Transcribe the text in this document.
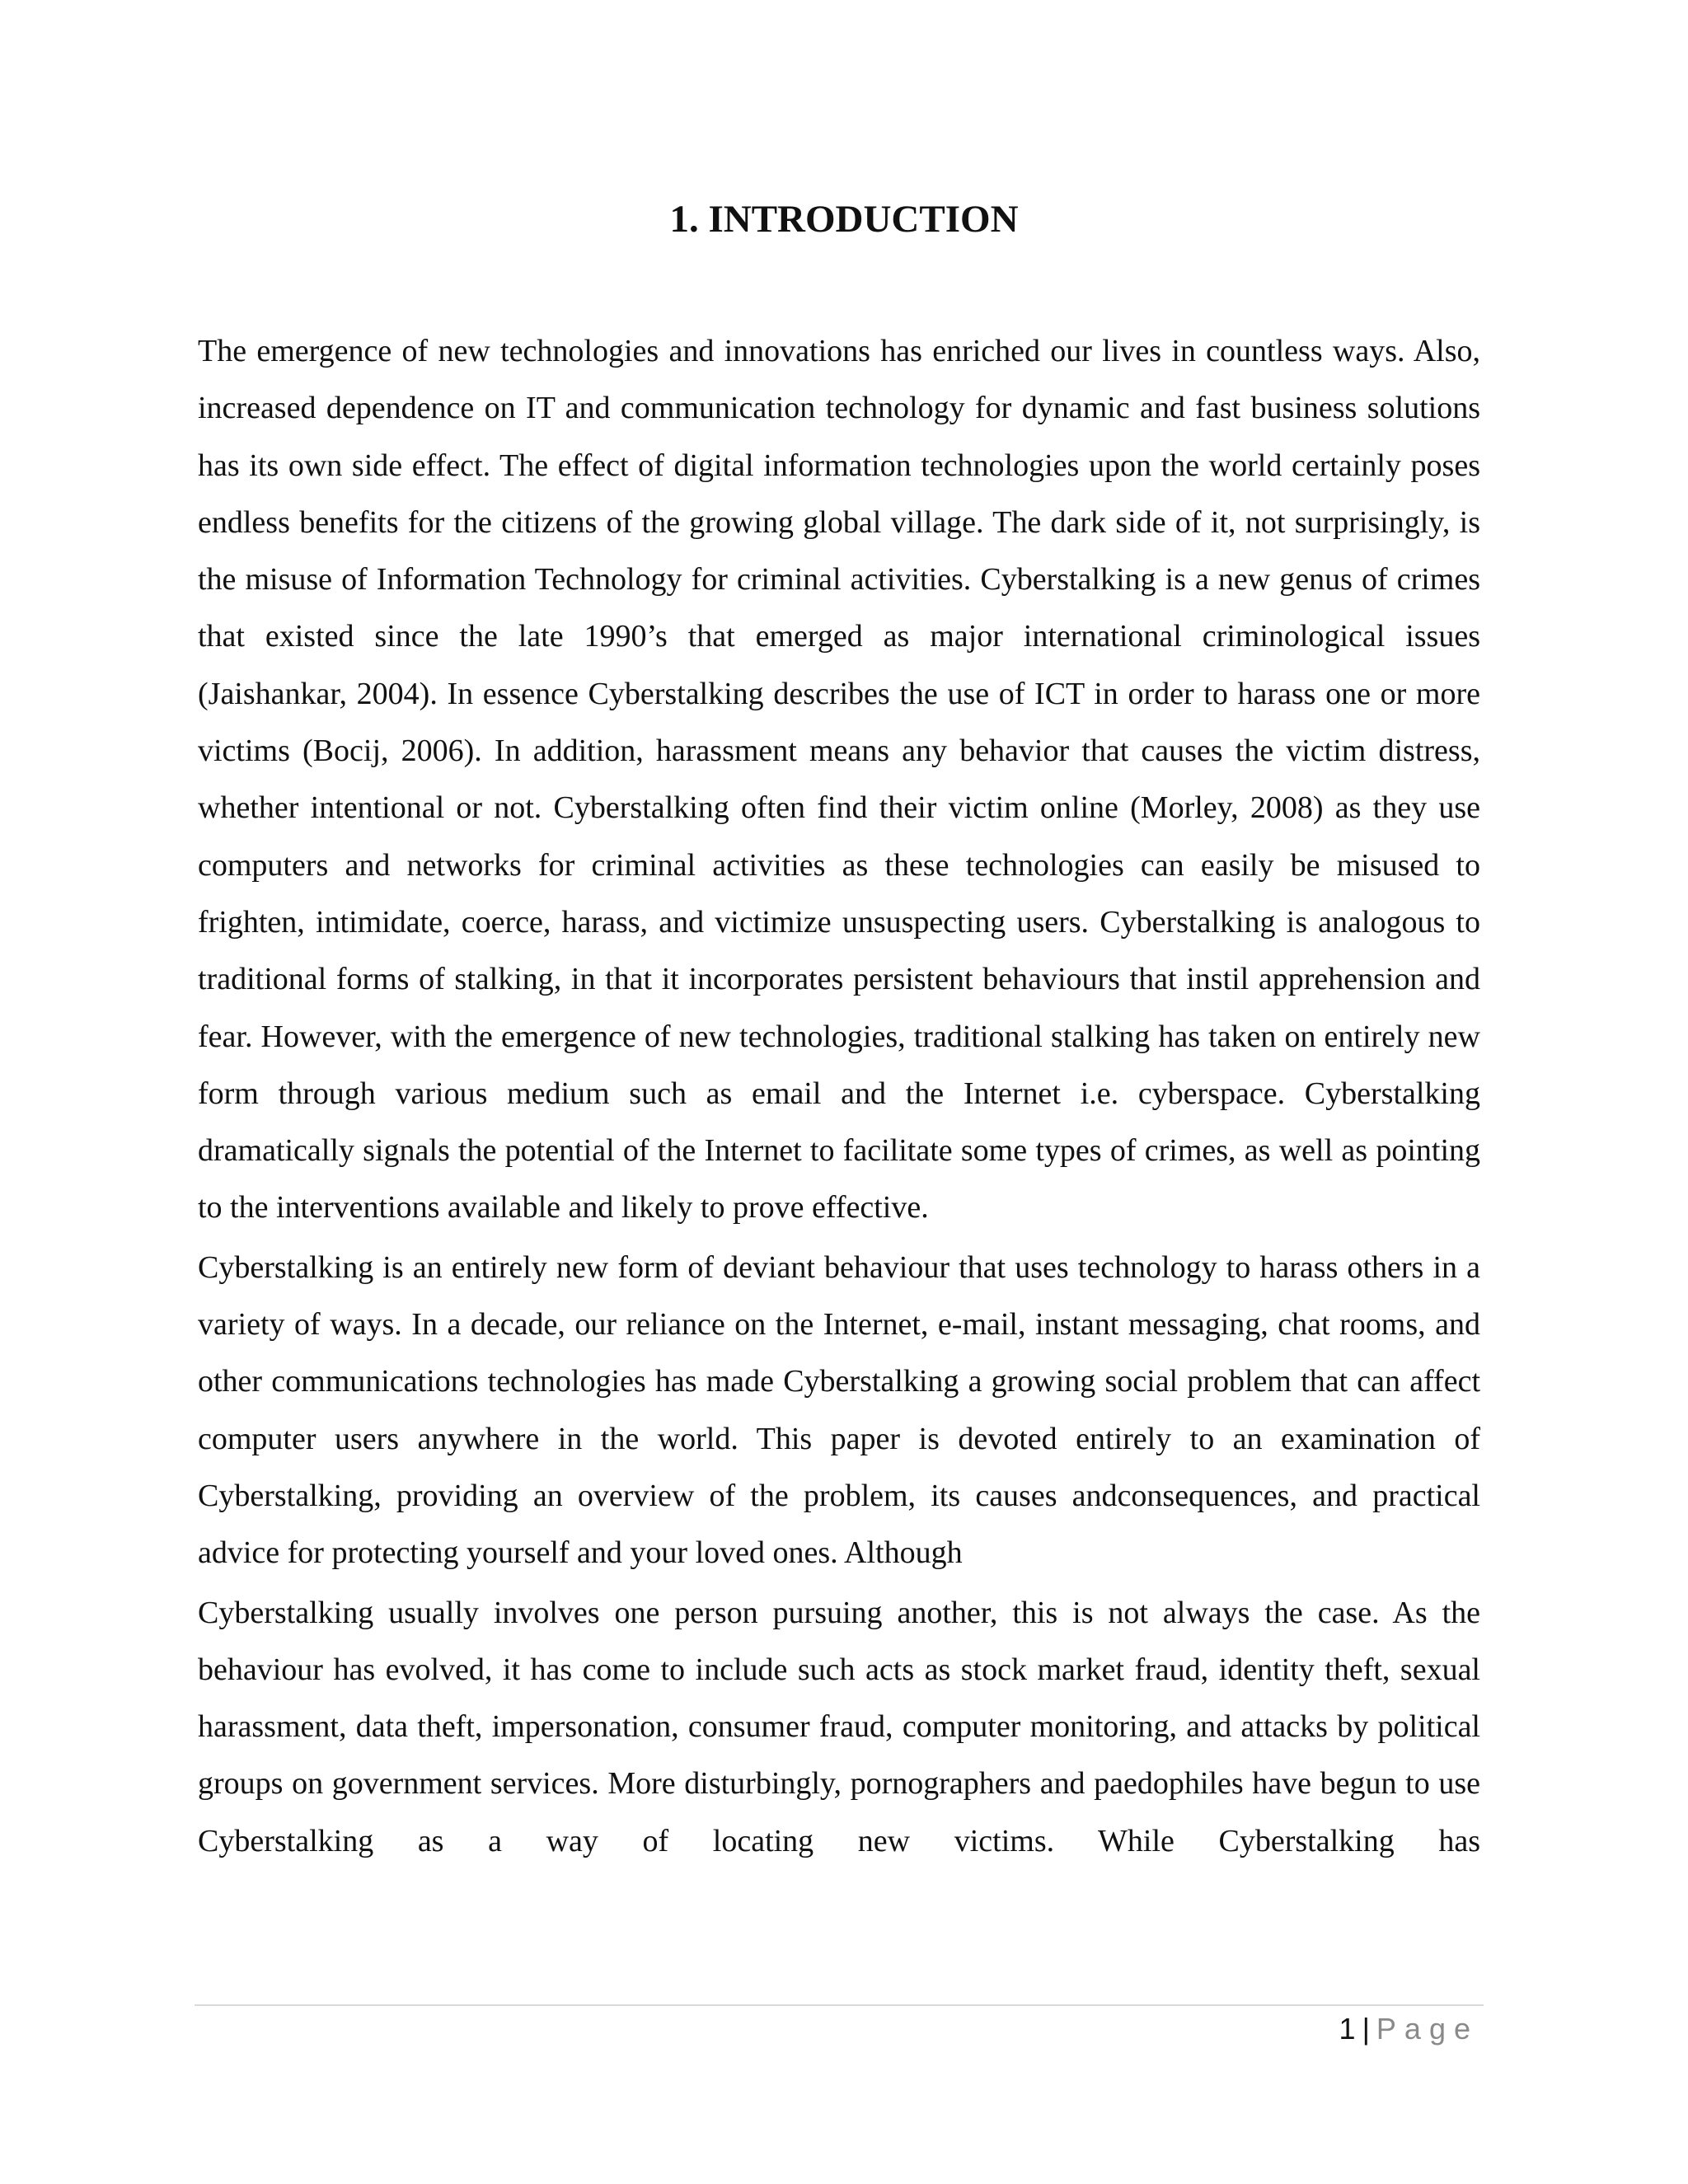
1. INTRODUCTION

The emergence of new technologies and innovations has enriched our lives in countless ways. Also, increased dependence on IT and communication technology for dynamic and fast business solutions has its own side effect. The effect of digital information technologies upon the world certainly poses endless benefits for the citizens of the growing global village. The dark side of it, not surprisingly, is the misuse of Information Technology for criminal activities. Cyberstalking is a new genus of crimes that existed since the late 1990’s that emerged as major international criminological issues (Jaishankar, 2004). In essence Cyberstalking describes the use of ICT in order to harass one or more victims (Bocij, 2006). In addition, harassment means any behavior that causes the victim distress, whether intentional or not. Cyberstalking often find their victim online (Morley, 2008) as they use computers and networks for criminal activities as these technologies can easily be misused to frighten, intimidate, coerce, harass, and victimize unsuspecting users. Cyberstalking is analogous to traditional forms of stalking, in that it incorporates persistent behaviours that instil apprehension and fear. However, with the emergence of new technologies, traditional stalking has taken on entirely new form through various medium such as email and the Internet i.e. cyberspace. Cyberstalking dramatically signals the potential of the Internet to facilitate some types of crimes, as well as pointing to the interventions available and likely to prove effective.

Cyberstalking is an entirely new form of deviant behaviour that uses technology to harass others in a variety of ways. In a decade, our reliance on the Internet, e-mail, instant messaging, chat rooms, and other communications technologies has made Cyberstalking a growing social problem that can affect computer users anywhere in the world. This paper is devoted entirely to an examination of Cyberstalking, providing an overview of the problem, its causes andconsequences, and practical advice for protecting yourself and your loved ones. Although

Cyberstalking usually involves one person pursuing another, this is not always the case. As the behaviour has evolved, it has come to include such acts as stock market fraud, identity theft, sexual harassment, data theft, impersonation, consumer fraud, computer monitoring, and attacks by political groups on government services. More disturbingly, pornographers and paedophiles have begun to use Cyberstalking as a way of locating new victims. While Cyberstalking has

1 | Page
